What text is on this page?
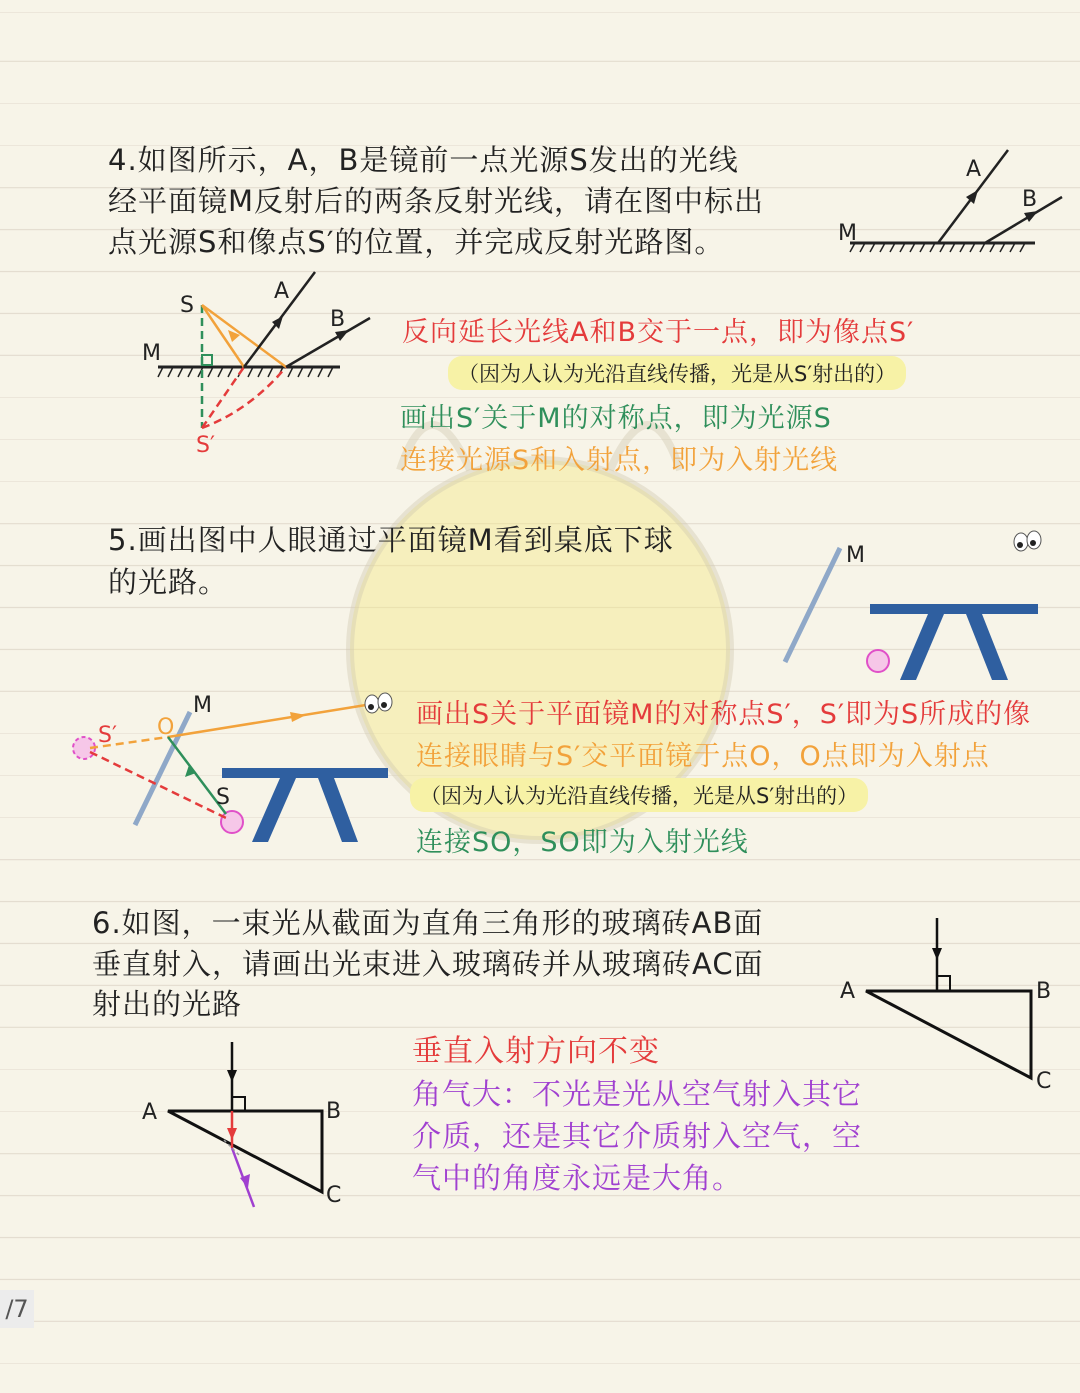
4.如图所示，A，B是镜前一点光源S发出的光线
经平面镜M反射后的两条反射光线，请在图中标出
点光源S和像点S′的位置，并完成反射光路图。	M
A
B
S
M
A
B
S′
反向延长光线A和B交于一点，即为像点S′
（因为人认为光沿直线传播，光是从S′射出的）
画出S′关于M的对称点，即为光源S
连接光源S和入射点，即为入射光线
5.画出图中人眼通过平面镜M看到桌底下球
的光路。
M
M
O
S′
S
画出S关于平面镜M的对称点S′，S′即为S所成的像
连接眼睛与S′交平面镜于点O，O点即为入射点
（因为人认为光沿直线传播，光是从S′射出的）
连接SO，SO即为入射光线
6.如图，一束光从截面为直角三角形的玻璃砖AB面
垂直射入，请画出光束进入玻璃砖并从玻璃砖AC面
射出的光路	A	B
C
A	B
C
垂直入射方向不变
角气大：不光是光从空气射入其它
介质，还是其它介质射入空气，空
气中的角度永远是大角。
/7
